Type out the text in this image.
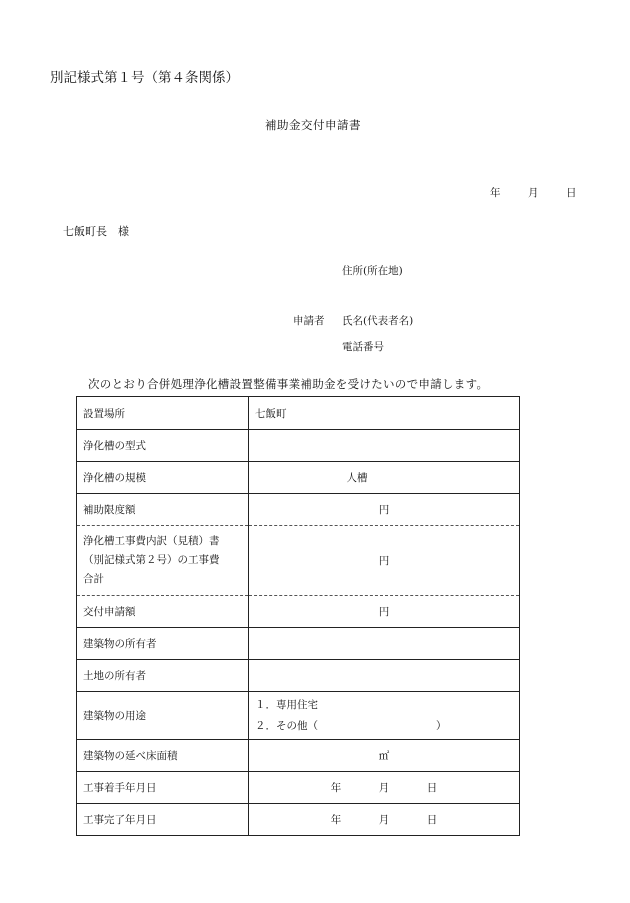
別記様式第１号（第４条関係）
補助金交付申請書
年	月	日
七飯町長　様
住所(所在地)
申請者 氏名(代表者名)
電話番号
次のとおり合併処理浄化槽設置整備事業補助金を受けたいので申請します。
設置場所	七飯町
浄化槽の型式	
浄化槽の規模	人槽
補助限度額	円

浄化槽工事費内訳（見積）書
（別記様式第２号）の工事費
合計	円
交付申請額	円
建築物の所有者	
土地の所有者	
建築物の用途	１．専用住宅
２．その他（ ）

建築物の延べ床面積	㎡
工事着手年月日	年 月 日

工事完了年月日	年 月 日
